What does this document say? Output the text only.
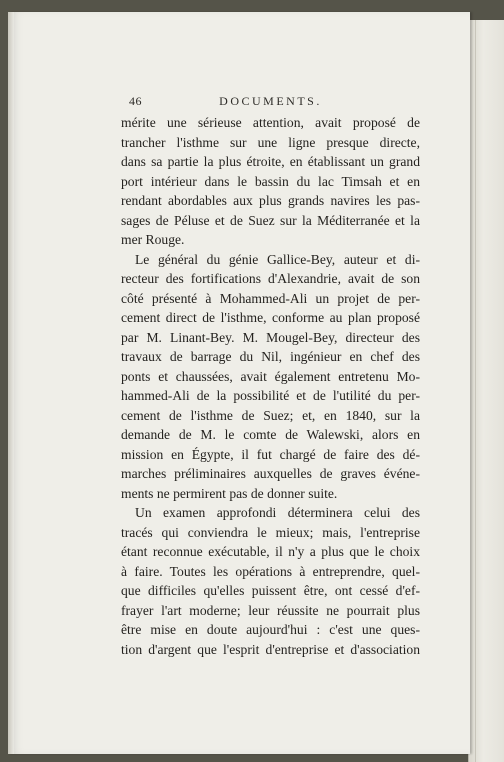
46	DOCUMENTS.
mérite une sérieuse attention, avait proposé de
trancher l'isthme sur une ligne presque directe,
dans sa partie la plus étroite, en établissant un grand
port intérieur dans le bassin du lac Timsah et en
rendant abordables aux plus grands navires les pas-
sages de Péluse et de Suez sur la Méditerranée et la
mer Rouge.
Le général du génie Gallice-Bey, auteur et di-
recteur des fortifications d'Alexandrie, avait de son
côté présenté à Mohammed-Ali un projet de per-
cement direct de l'isthme, conforme au plan proposé
par M. Linant-Bey. M. Mougel-Bey, directeur des
travaux de barrage du Nil, ingénieur en chef des
ponts et chaussées, avait également entretenu Mo-
hammed-Ali de la possibilité et de l'utilité du per-
cement de l'isthme de Suez; et, en 1840, sur la
demande de M. le comte de Walewski, alors en
mission en Égypte, il fut chargé de faire des dé-
marches préliminaires auxquelles de graves événe-
ments ne permirent pas de donner suite.
Un examen approfondi déterminera celui des
tracés qui conviendra le mieux; mais, l'entreprise
étant reconnue exécutable, il n'y a plus que le choix
à faire. Toutes les opérations à entreprendre, quel-
que difficiles qu'elles puissent être, ont cessé d'ef-
frayer l'art moderne; leur réussite ne pourrait plus
être mise en doute aujourd'hui : c'est une ques-
tion d'argent que l'esprit d'entreprise et d'association
